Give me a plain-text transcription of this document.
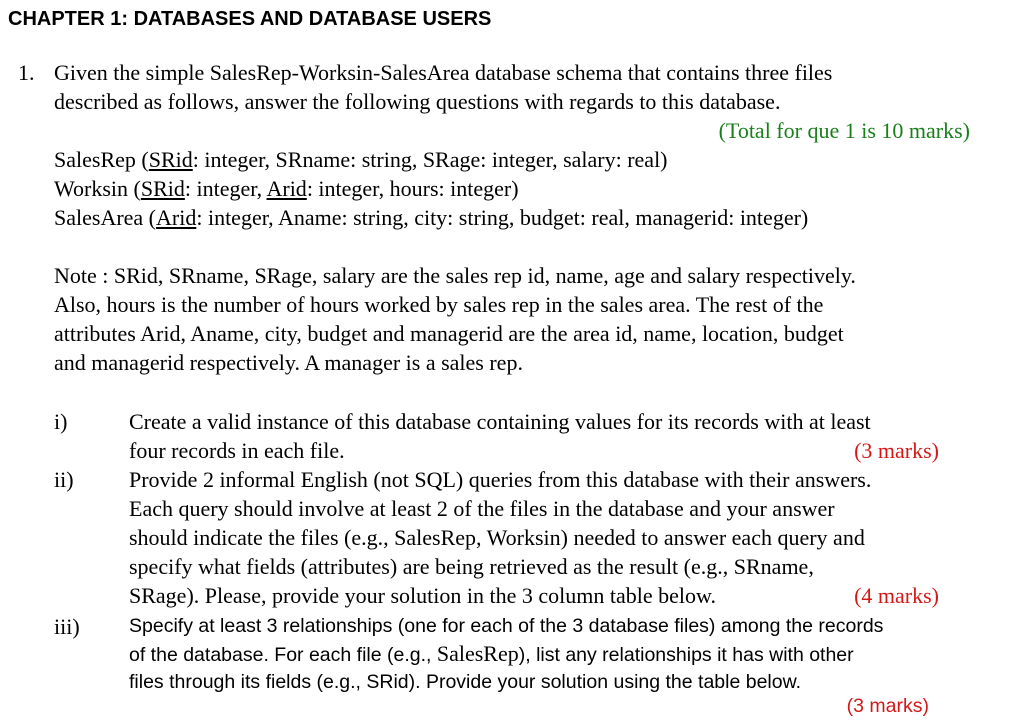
CHAPTER 1: DATABASES AND DATABASE USERS
1. Given the simple SalesRep-Worksin-SalesArea database schema that contains three files
described as follows, answer the following questions with regards to this database.
(Total for que 1 is 10 marks)
SalesRep (SRid: integer, SRname: string, SRage: integer, salary: real)
Worksin (SRid: integer, Arid: integer, hours: integer)
SalesArea (Arid: integer, Aname: string, city: string, budget: real, managerid: integer)
Note : SRid, SRname, SRage, salary are the sales rep id, name, age and salary respectively.
Also, hours is the number of hours worked by sales rep in the sales area. The rest of the
attributes Arid, Aname, city, budget and managerid are the area id, name, location, budget
and managerid respectively. A manager is a sales rep.
i)	Create a valid instance of this database containing values for its records with at least
four records in each file.	(3 marks)
ii)	Provide 2 informal English (not SQL) queries from this database with their answers.
Each query should involve at least 2 of the files in the database and your answer
should indicate the files (e.g., SalesRep, Worksin) needed to answer each query and
specify what fields (attributes) are being retrieved as the result (e.g., SRname,
SRage). Please, provide your solution in the 3 column table below.	(4 marks)
iii)	Specify at least 3 relationships (one for each of the 3 database files) among the records
of the database. For each file (e.g., SalesRep), list any relationships it has with other
files through its fields (e.g., SRid). Provide your solution using the table below.
(3 marks)
